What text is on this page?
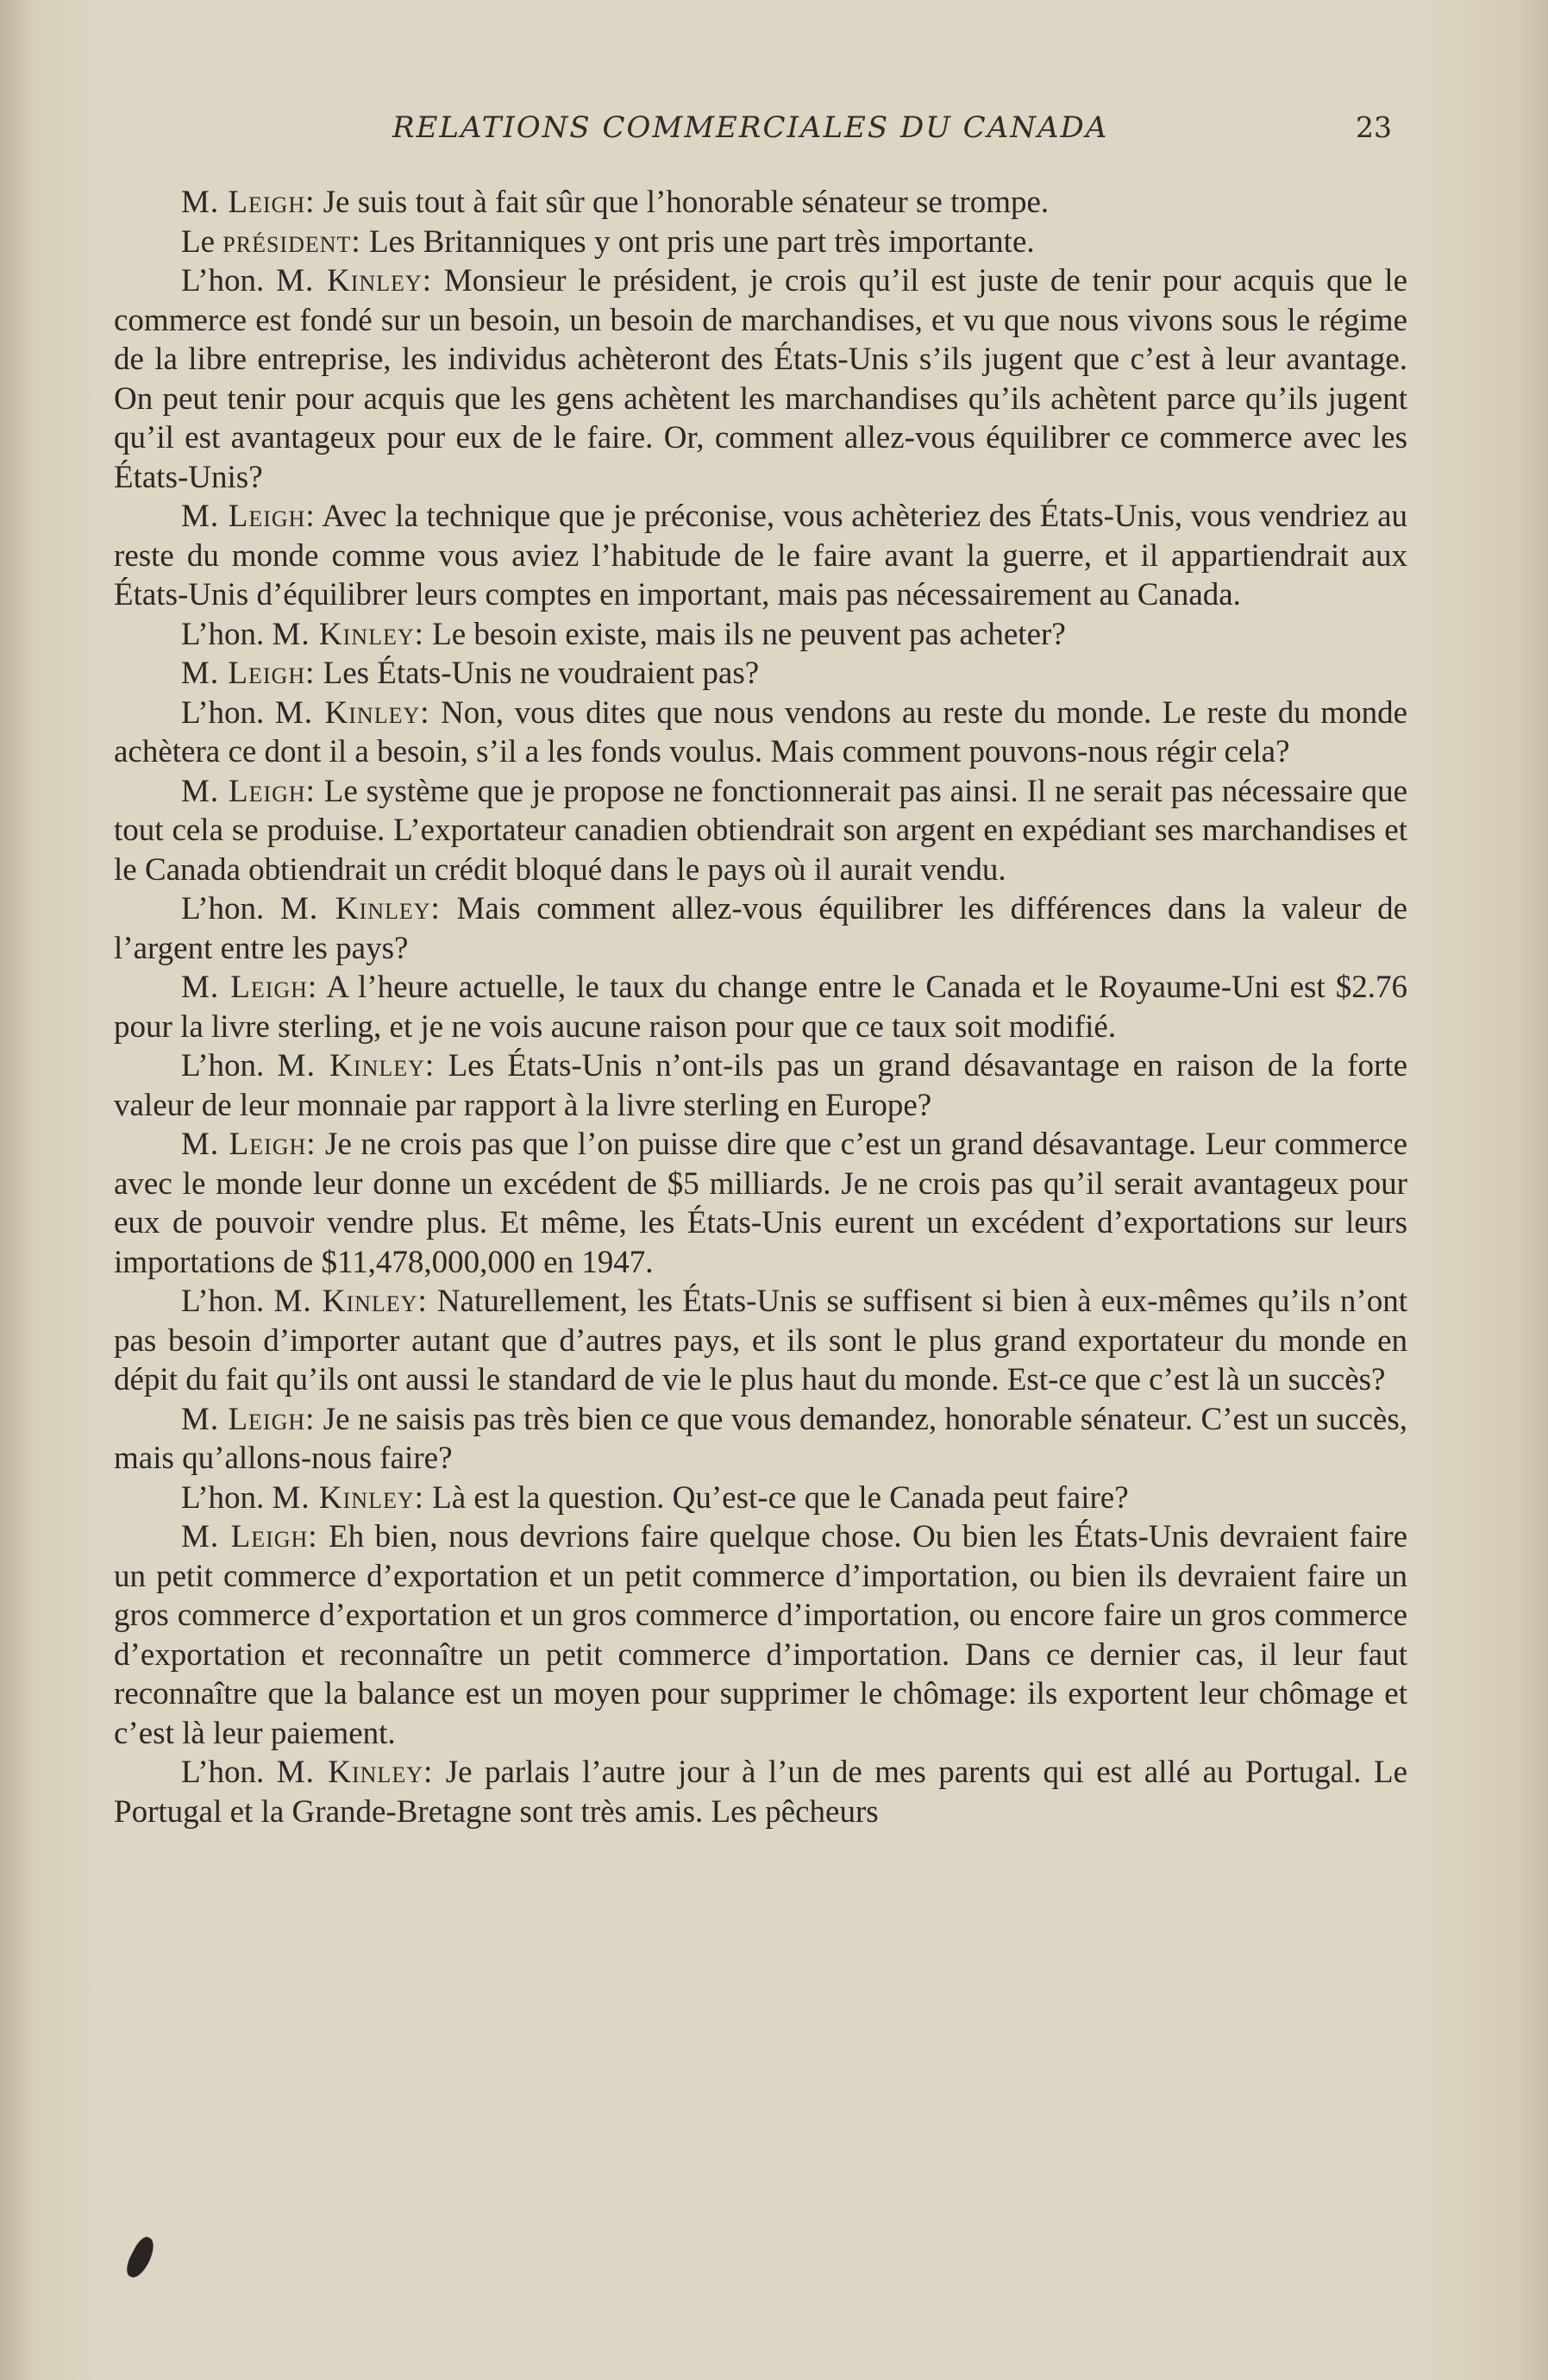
RELATIONS COMMERCIALES DU CANADA	23

M. Leigh: Je suis tout à fait sûr que l’honorable sénateur se trompe.

Le président: Les Britanniques y ont pris une part très importante.

L’hon. M. Kinley: Monsieur le président, je crois qu’il est juste de tenir pour acquis que le commerce est fondé sur un besoin, un besoin de marchandises, et vu que nous vivons sous le régime de la libre entreprise, les individus achèteront des États-Unis s’ils jugent que c’est à leur avantage. On peut tenir pour acquis que les gens achètent les marchandises qu’ils achètent parce qu’ils jugent qu’il est avantageux pour eux de le faire. Or, comment allez-vous équilibrer ce commerce avec les États-Unis?

M. Leigh: Avec la technique que je préconise, vous achèteriez des États-Unis, vous vendriez au reste du monde comme vous aviez l’habitude de le faire avant la guerre, et il appartiendrait aux États-Unis d’équilibrer leurs comptes en important, mais pas nécessairement au Canada.

L’hon. M. Kinley: Le besoin existe, mais ils ne peuvent pas acheter?

M. Leigh: Les États-Unis ne voudraient pas?

L’hon. M. Kinley: Non, vous dites que nous vendons au reste du monde. Le reste du monde achètera ce dont il a besoin, s’il a les fonds voulus. Mais comment pouvons-nous régir cela?

M. Leigh: Le système que je propose ne fonctionnerait pas ainsi. Il ne serait pas nécessaire que tout cela se produise. L’exportateur canadien obtiendrait son argent en expédiant ses marchandises et le Canada obtiendrait un crédit bloqué dans le pays où il aurait vendu.

L’hon. M. Kinley: Mais comment allez-vous équilibrer les différences dans la valeur de l’argent entre les pays?

M. Leigh: A l’heure actuelle, le taux du change entre le Canada et le Royaume-Uni est $2.76 pour la livre sterling, et je ne vois aucune raison pour que ce taux soit modifié.

L’hon. M. Kinley: Les États-Unis n’ont-ils pas un grand désavantage en raison de la forte valeur de leur monnaie par rapport à la livre sterling en Europe?

M. Leigh: Je ne crois pas que l’on puisse dire que c’est un grand désavantage. Leur commerce avec le monde leur donne un excédent de $5 milliards. Je ne crois pas qu’il serait avantageux pour eux de pouvoir vendre plus. Et même, les États-Unis eurent un excédent d’exportations sur leurs importations de $11,478,000,000 en 1947.

L’hon. M. Kinley: Naturellement, les États-Unis se suffisent si bien à eux-mêmes qu’ils n’ont pas besoin d’importer autant que d’autres pays, et ils sont le plus grand exportateur du monde en dépit du fait qu’ils ont aussi le standard de vie le plus haut du monde. Est-ce que c’est là un succès?

M. Leigh: Je ne saisis pas très bien ce que vous demandez, honorable sénateur. C’est un succès, mais qu’allons-nous faire?

L’hon. M. Kinley: Là est la question. Qu’est-ce que le Canada peut faire?

M. Leigh: Eh bien, nous devrions faire quelque chose. Ou bien les États-Unis devraient faire un petit commerce d’exportation et un petit commerce d’importation, ou bien ils devraient faire un gros commerce d’exportation et un gros commerce d’importation, ou encore faire un gros commerce d’exportation et reconnaître un petit commerce d’importation. Dans ce dernier cas, il leur faut reconnaître que la balance est un moyen pour supprimer le chômage: ils exportent leur chômage et c’est là leur paiement.

L’hon. M. Kinley: Je parlais l’autre jour à l’un de mes parents qui est allé au Portugal. Le Portugal et la Grande-Bretagne sont très amis. Les pêcheurs
